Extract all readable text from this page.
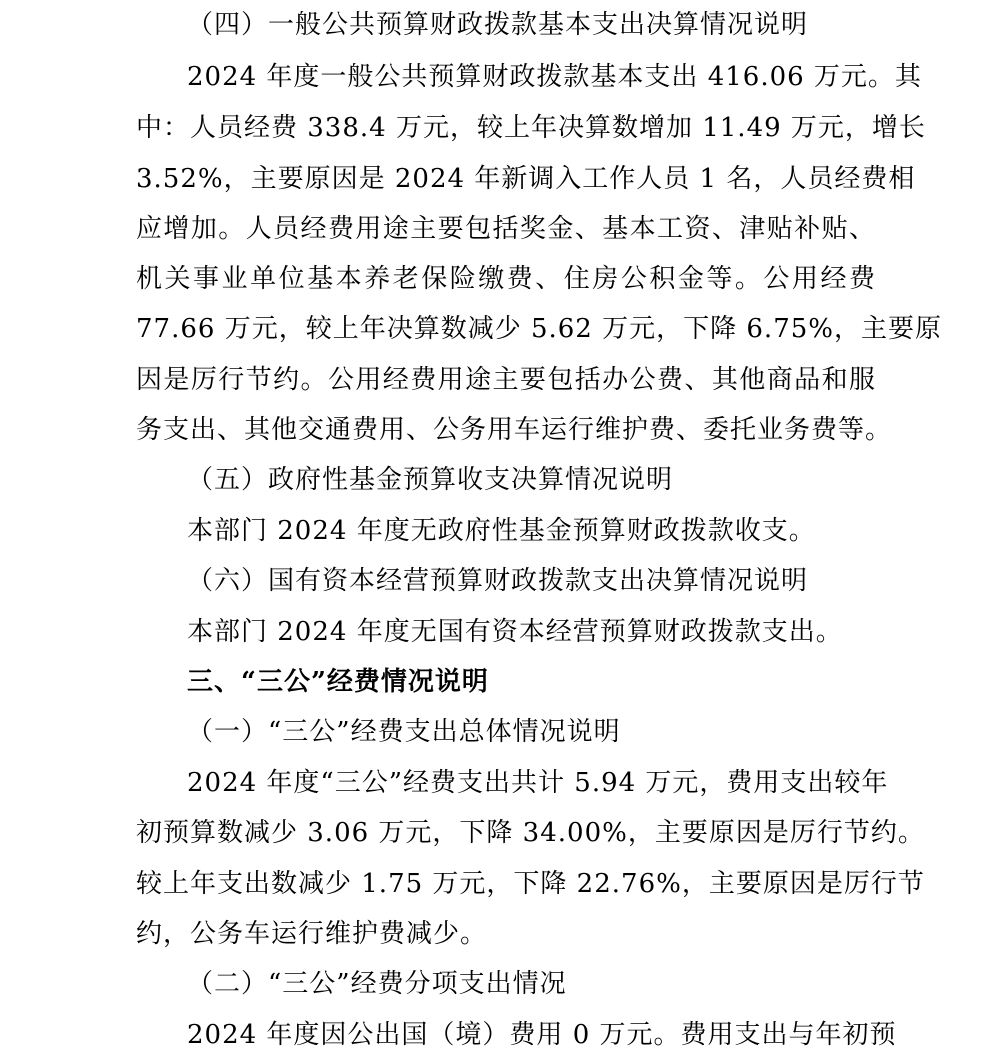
（四）一般公共预算财政拨款基本支出决算情况说明
2024 年度一般公共预算财政拨款基本支出 416.06 万元。其
中：人员经费 338.4 万元，较上年决算数增加 11.49 万元，增长
3.52%，主要原因是 2024 年新调入工作人员 1 名，人员经费相
应增加。人员经费用途主要包括奖金、基本工资、津贴补贴、
机关事业单位基本养老保险缴费、住房公积金等。公用经费
77.66 万元，较上年决算数减少 5.62 万元，下降 6.75%，主要原
因是厉行节约。公用经费用途主要包括办公费、其他商品和服
务支出、其他交通费用、公务用车运行维护费、委托业务费等。
（五）政府性基金预算收支决算情况说明
本部门 2024 年度无政府性基金预算财政拨款收支。
（六）国有资本经营预算财政拨款支出决算情况说明
本部门 2024 年度无国有资本经营预算财政拨款支出。
三、“三公”经费情况说明
（一）“三公”经费支出总体情况说明
2024 年度“三公”经费支出共计 5.94 万元，费用支出较年
初预算数减少 3.06 万元，下降 34.00%，主要原因是厉行节约。
较上年支出数减少 1.75 万元，下降 22.76%，主要原因是厉行节
约，公务车运行维护费减少。
（二）“三公”经费分项支出情况
2024 年度因公出国（境）费用 0 万元。费用支出与年初预
